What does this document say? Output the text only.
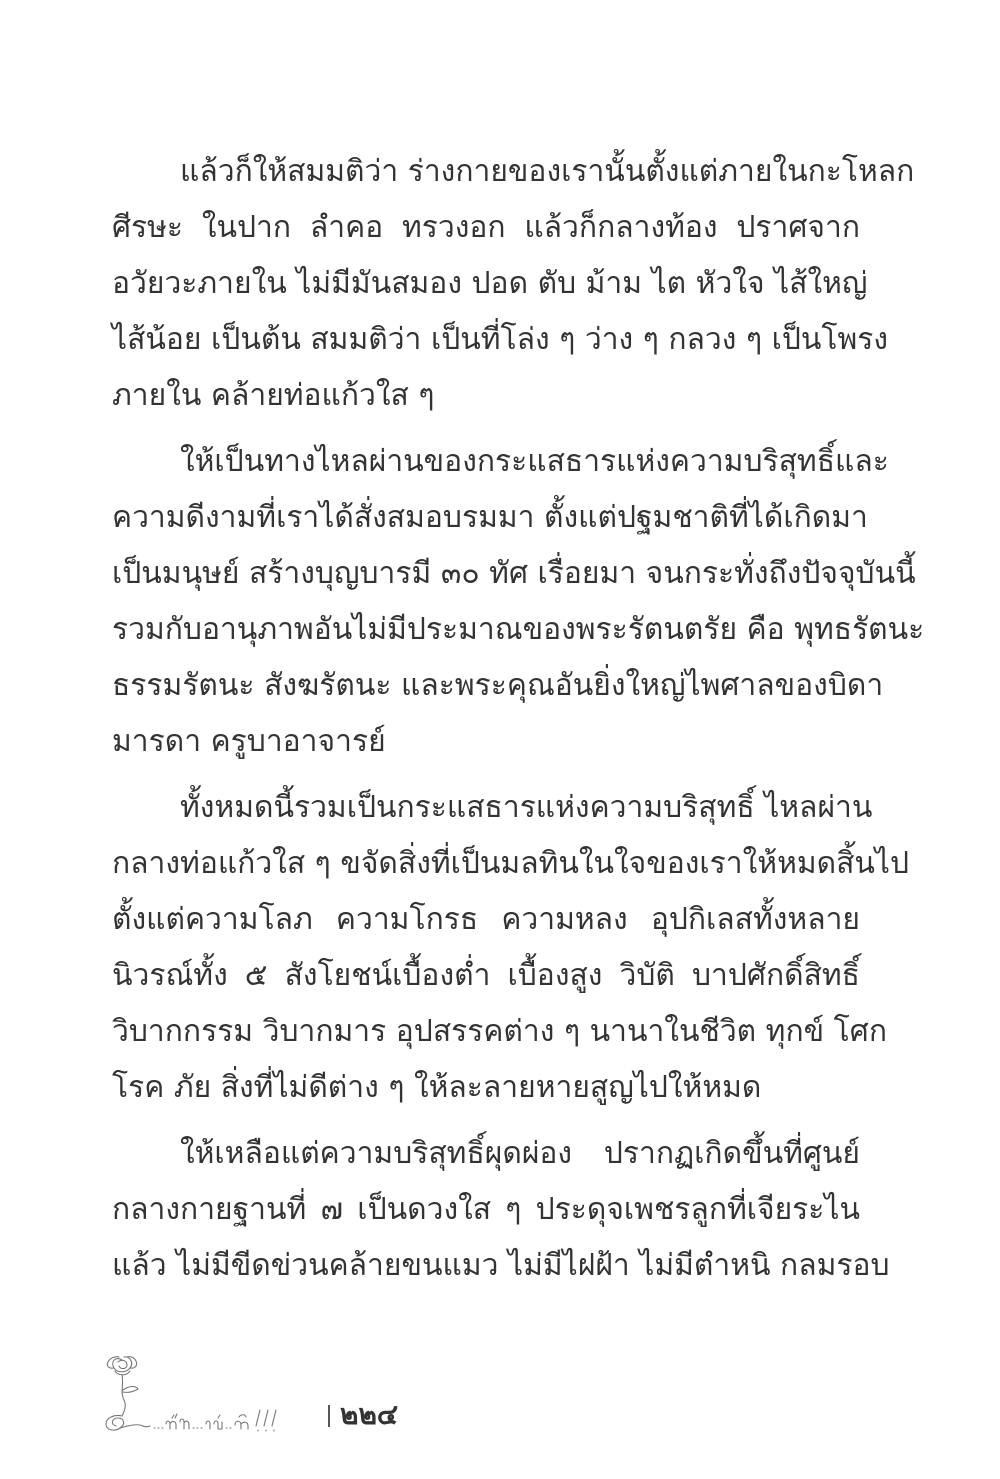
แล้วก็ให้สมมติว่า ร่างกายของเรานั้นตั้งแต่ภายในกะโหลก
ศีรษะ ในปาก ลำคอ ทรวงอก แล้วก็กลางท้อง ปราศจาก
อวัยวะภายใน ไม่มีมันสมอง ปอด ตับ ม้าม ไต หัวใจ ไส้ใหญ่
ไส้น้อย เป็นต้น สมมติว่า เป็นที่โล่ง ๆ ว่าง ๆ กลวง ๆ เป็นโพรง
ภายใน คล้ายท่อแก้วใส ๆ
ให้เป็นทางไหลผ่านของกระแสธารแห่งความบริสุทธิ์และ
ความดีงามที่เราได้สั่งสมอบรมมา ตั้งแต่ปฐมชาติที่ได้เกิดมา
เป็นมนุษย์ สร้างบุญบารมี ๓๐ ทัศ เรื่อยมา จนกระทั่งถึงปัจจุบันนี้
รวมกับอานุภาพอันไม่มีประมาณของพระรัตนตรัย คือ พุทธรัตนะ
ธรรมรัตนะ สังฆรัตนะ และพระคุณอันยิ่งใหญ่ไพศาลของบิดา
มารดา ครูบาอาจารย์
ทั้งหมดนี้รวมเป็นกระแสธารแห่งความบริสุทธิ์ ไหลผ่าน
กลางท่อแก้วใส ๆ ขจัดสิ่งที่เป็นมลทินในใจของเราให้หมดสิ้นไป
ตั้งแต่ความโลภ ความโกรธ ความหลง อุปกิเลสทั้งหลาย
นิวรณ์ทั้ง ๕ สังโยชน์เบื้องต่ำ เบื้องสูง วิบัติ บาปศักดิ์สิทธิ์
วิบากกรรม วิบากมาร อุปสรรคต่าง ๆ นานาในชีวิต ทุกข์ โศก
โรค ภัย สิ่งที่ไม่ดีต่าง ๆ ให้ละลายหายสูญไปให้หมด
ให้เหลือแต่ความบริสุทธิ์ผุดผ่อง ปรากฏเกิดขึ้นที่ศูนย์
กลางกายฐานที่ ๗ เป็นดวงใส ๆ ประดุจเพชรลูกที่เจียระไน
แล้ว ไม่มีขีดข่วนคล้ายขนแมว ไม่มีไฝฝ้า ไม่มีตำหนิ กลมรอบ
๒๒๔
